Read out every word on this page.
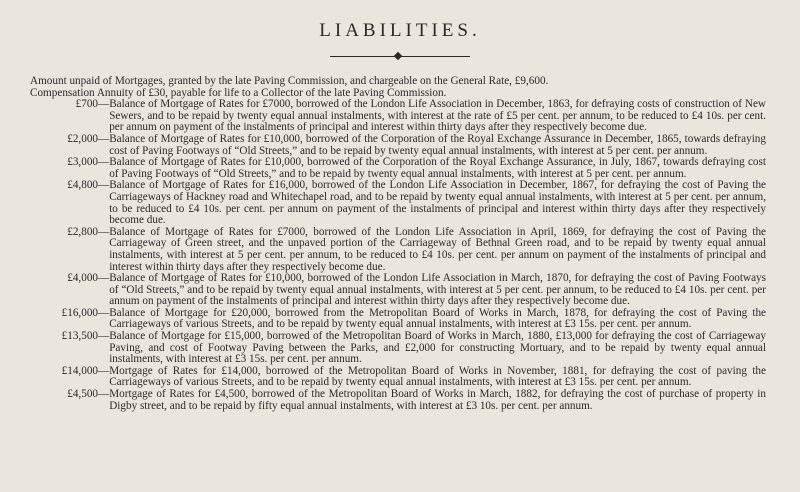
LIABILITIES.

Amount unpaid of Mortgages, granted by the late Paving Commission, and chargeable on the General Rate, £9,600.

Compensation Annuity of £30, payable for life to a Collector of the late Paving Commission.

£700 — Balance of Mortgage of Rates for £7000, borrowed of the London Life Association in December, 1863, for defraying costs of construction of New Sewers, and to be repaid by twenty equal annual instalments, with interest at the rate of £5 per cent. per annum, to be reduced to £4 10s. per cent. per annum on payment of the instalments of principal and interest within thirty days after they respectively become due.
£2,000 — Balance of Mortgage of Rates for £10,000, borrowed of the Corporation of the Royal Exchange Assurance in December, 1865, towards defraying cost of Paving Footways of “Old Streets,” and to be repaid by twenty equal annual instalments, with interest at 5 per cent. per annum.
£3,000 — Balance of Mortgage of Rates for £10,000, borrowed of the Corporation of the Royal Exchange Assurance, in July, 1867, towards defraying cost of Paving Footways of “Old Streets,” and to be repaid by twenty equal annual instalments, with interest at 5 per cent. per annum.
£4,800 — Balance of Mortgage of Rates for £16,000, borrowed of the London Life Association in December, 1867, for defraying the cost of Paving the Carriageways of Hackney road and Whitechapel road, and to be repaid by twenty equal annual instalments, with interest at 5 per cent. per annum, to be reduced to £4 10s. per cent. per annum on payment of the instalments of principal and interest within thirty days after they respectively become due.
£2,800 — Balance of Mortgage of Rates for £7000, borrowed of the London Life Association in April, 1869, for defraying the cost of Paving the Carriageway of Green street, and the unpaved portion of the Carriageway of Bethnal Green road, and to be repaid by twenty equal annual instalments, with interest at 5 per cent. per annum, to be reduced to £4 10s. per cent. per annum on payment of the instalments of principal and interest within thirty days after they respectively become due.
£4,000 — Balance of Mortgage of Rates for £10,000, borrowed of the London Life Association in March, 1870, for defraying the cost of Paving Footways of “Old Streets,” and to be repaid by twenty equal annual instalments, with interest at 5 per cent. per annum, to be reduced to £4 10s. per cent. per annum on payment of the instalments of principal and interest within thirty days after they respectively become due.
£16,000 — Balance of Mortgage for £20,000, borrowed from the Metropolitan Board of Works in March, 1878, for defraying the cost of Paving the Carriageways of various Streets, and to be repaid by twenty equal annual instalments, with interest at £3 15s. per cent. per annum.
£13,500 — Balance of Mortgage for £15,000, borrowed of the Metropolitan Board of Works in March, 1880, £13,000 for defraying the cost of Carriageway Paving, and cost of Footway Paving between the Parks, and £2,000 for constructing Mortuary, and to be repaid by twenty equal annual instalments, with interest at £3 15s. per cent. per annum.
£14,000 — Mortgage of Rates for £14,000, borrowed of the Metropolitan Board of Works in November, 1881, for defraying the cost of paving the Carriageways of various Streets, and to be repaid by twenty equal annual instalments, with interest at £3 15s. per cent. per annum.
£4,500 — Mortgage of Rates for £4,500, borrowed of the Metropolitan Board of Works in March, 1882, for defraying the cost of purchase of property in Digby street, and to be repaid by fifty equal annual instalments, with interest at £3 10s. per cent. per annum.
